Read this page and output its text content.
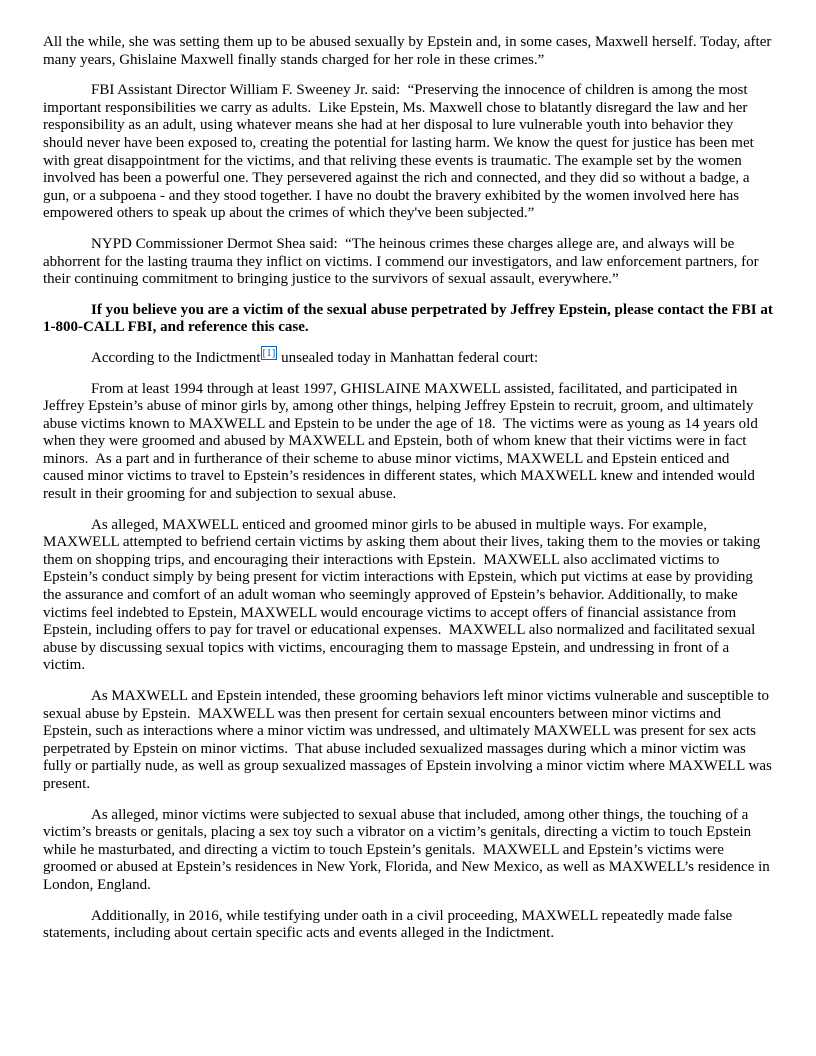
All the while, she was setting them up to be abused sexually by Epstein and, in some cases, Maxwell herself. Today, after many years, Ghislaine Maxwell finally stands charged for her role in these crimes.”

FBI Assistant Director William F. Sweeney Jr. said:  “Preserving the innocence of children is among the most important responsibilities we carry as adults.  Like Epstein, Ms. Maxwell chose to blatantly disregard the law and her responsibility as an adult, using whatever means she had at her disposal to lure vulnerable youth into behavior they should never have been exposed to, creating the potential for lasting harm. We know the quest for justice has been met with great disappointment for the victims, and that reliving these events is traumatic. The example set by the women involved has been a powerful one. They persevered against the rich and connected, and they did so without a badge, a gun, or a subpoena - and they stood together. I have no doubt the bravery exhibited by the women involved here has empowered others to speak up about the crimes of which they've been subjected.”

NYPD Commissioner Dermot Shea said:  “The heinous crimes these charges allege are, and always will be abhorrent for the lasting trauma they inflict on victims. I commend our investigators, and law enforcement partners, for their continuing commitment to bringing justice to the survivors of sexual assault, everywhere.”

If you believe you are a victim of the sexual abuse perpetrated by Jeffrey Epstein, please contact the FBI at 1-800-CALL FBI, and reference this case.

According to the Indictment [1] unsealed today in Manhattan federal court:

From at least 1994 through at least 1997, GHISLAINE MAXWELL assisted, facilitated, and participated in Jeffrey Epstein’s abuse of minor girls by, among other things, helping Jeffrey Epstein to recruit, groom, and ultimately abuse victims known to MAXWELL and Epstein to be under the age of 18.  The victims were as young as 14 years old when they were groomed and abused by MAXWELL and Epstein, both of whom knew that their victims were in fact minors.  As a part and in furtherance of their scheme to abuse minor victims, MAXWELL and Epstein enticed and caused minor victims to travel to Epstein’s residences in different states, which MAXWELL knew and intended would result in their grooming for and subjection to sexual abuse.

As alleged, MAXWELL enticed and groomed minor girls to be abused in multiple ways. For example, MAXWELL attempted to befriend certain victims by asking them about their lives, taking them to the movies or taking them on shopping trips, and encouraging their interactions with Epstein.  MAXWELL also acclimated victims to Epstein’s conduct simply by being present for victim interactions with Epstein, which put victims at ease by providing the assurance and comfort of an adult woman who seemingly approved of Epstein’s behavior. Additionally, to make victims feel indebted to Epstein, MAXWELL would encourage victims to accept offers of financial assistance from Epstein, including offers to pay for travel or educational expenses.  MAXWELL also normalized and facilitated sexual abuse by discussing sexual topics with victims, encouraging them to massage Epstein, and undressing in front of a victim.

As MAXWELL and Epstein intended, these grooming behaviors left minor victims vulnerable and susceptible to sexual abuse by Epstein.  MAXWELL was then present for certain sexual encounters between minor victims and Epstein, such as interactions where a minor victim was undressed, and ultimately MAXWELL was present for sex acts perpetrated by Epstein on minor victims.  That abuse included sexualized massages during which a minor victim was fully or partially nude, as well as group sexualized massages of Epstein involving a minor victim where MAXWELL was present.

As alleged, minor victims were subjected to sexual abuse that included, among other things, the touching of a victim’s breasts or genitals, placing a sex toy such a vibrator on a victim’s genitals, directing a victim to touch Epstein while he masturbated, and directing a victim to touch Epstein’s genitals.  MAXWELL and Epstein’s victims were groomed or abused at Epstein’s residences in New York, Florida, and New Mexico, as well as MAXWELL’s residence in London, England.

Additionally, in 2016, while testifying under oath in a civil proceeding, MAXWELL repeatedly made false statements, including about certain specific acts and events alleged in the Indictment.
